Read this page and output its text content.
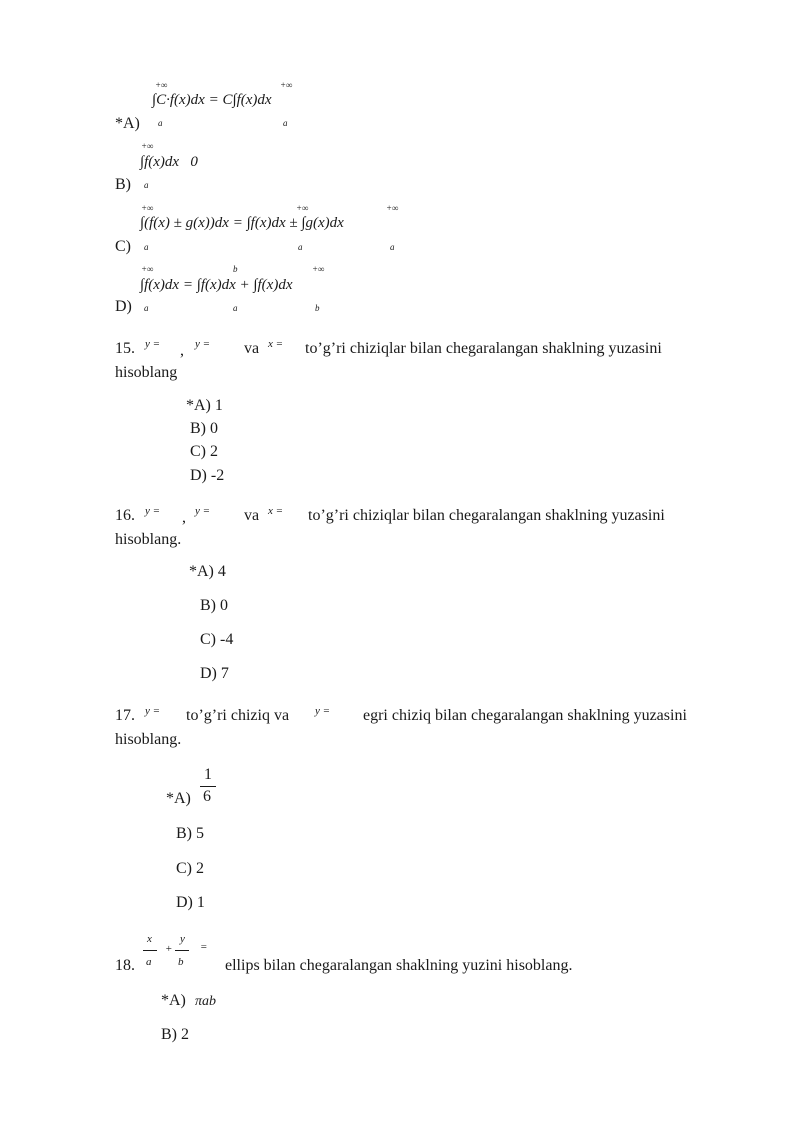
+∞	+∞
*A)
∫C·f(x)dx = C∫f(x)dx
a	a
+∞
B)
∫f(x)dx   0
a
+∞	+∞	+∞
C)
∫(f(x) ± g(x))dx = ∫f(x)dx ± ∫g(x)dx
a	a	a
+∞	b	+∞
D)
∫f(x)dx = ∫f(x)dx + ∫f(x)dx
a	a	b
15. y = , y = va x = to’g’ri chiziqlar bilan chegaralangan shaklning yuzasini
hisoblang
*A) 1
B) 0
C) 2
D) -2
16. y = , y = va x = to’g’ri chiziqlar bilan chegaralangan shaklning yuzasini
hisoblang.
*A) 4
B) 0
C) -4
D) 7
17. y = to’g’ri chiziq va y = egri chiziq bilan chegaralangan shaklning yuzasini
hisoblang.
*A)
1
6
B) 5
C) 2
D) 1
18.
x
a
+
y
b
=
ellips bilan chegaralangan shaklning yuzini hisoblang.
*A) πab
B) 2
